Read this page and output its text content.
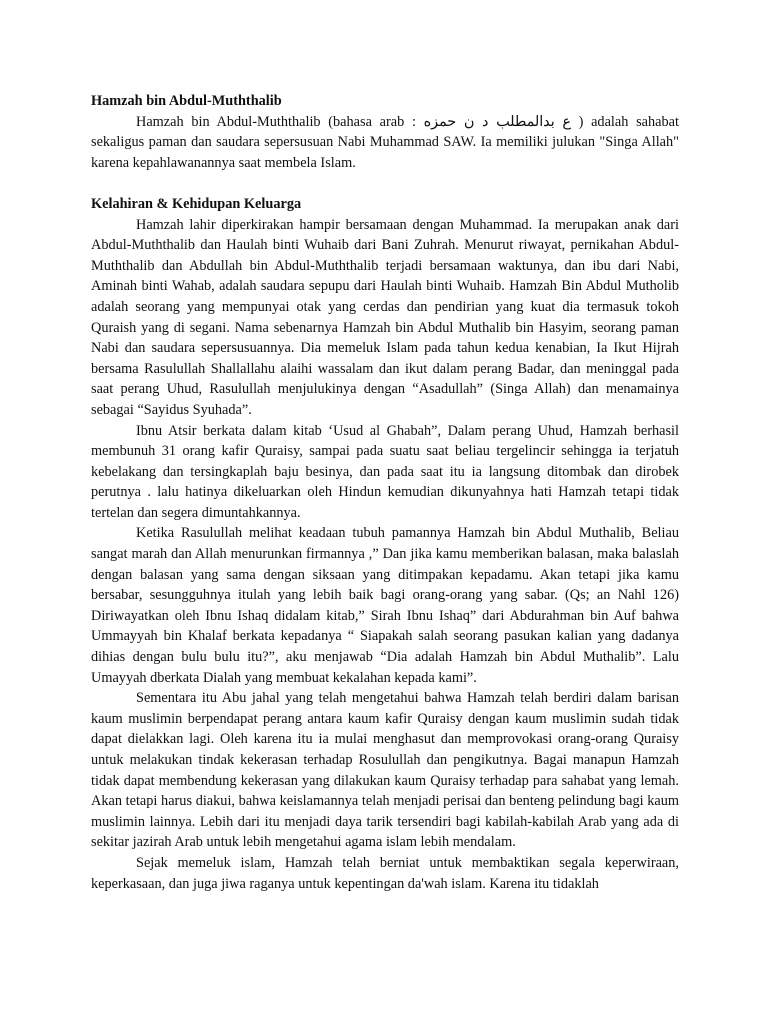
Hamzah bin Abdul-Muththalib

Hamzah bin Abdul-Muththalib (bahasa arab : ع بدالمطلب د ن حمزه ) adalah sahabat sekaligus paman dan saudara sepersusuan Nabi Muhammad SAW. Ia memiliki julukan "Singa Allah" karena kepahlawanannya saat membela Islam.

Kelahiran & Kehidupan Keluarga

Hamzah lahir diperkirakan hampir bersamaan dengan Muhammad. Ia merupakan anak dari Abdul-Muththalib dan Haulah binti Wuhaib dari Bani Zuhrah. Menurut riwayat, pernikahan Abdul-Muththalib dan Abdullah bin Abdul-Muththalib terjadi bersamaan waktunya, dan ibu dari Nabi, Aminah binti Wahab, adalah saudara sepupu dari Haulah binti Wuhaib. Hamzah Bin Abdul Mutholib adalah seorang yang mempunyai otak yang cerdas dan pendirian yang kuat dia termasuk tokoh Quraish yang di segani. Nama sebenarnya Hamzah bin Abdul Muthalib bin Hasyim, seorang paman Nabi dan saudara sepersusuannya. Dia memeluk Islam pada tahun kedua kenabian, Ia Ikut Hijrah bersama Rasulullah Shallallahu alaihi wassalam dan ikut dalam perang Badar, dan meninggal pada saat perang Uhud, Rasulullah menjulukinya dengan “Asadullah” (Singa Allah) dan menamainya sebagai “Sayidus Syuhada”.

Ibnu Atsir berkata dalam kitab ‘Usud al Ghabah”, Dalam perang Uhud, Hamzah berhasil membunuh 31 orang kafir Quraisy, sampai pada suatu saat beliau tergelincir sehingga ia terjatuh kebelakang dan tersingkaplah baju besinya, dan pada saat itu ia langsung ditombak dan dirobek perutnya . lalu hatinya dikeluarkan oleh Hindun kemudian dikunyahnya hati Hamzah tetapi tidak tertelan dan segera dimuntahkannya.

Ketika Rasulullah melihat keadaan tubuh pamannya Hamzah bin Abdul Muthalib, Beliau sangat marah dan Allah menurunkan firmannya ,” Dan jika kamu memberikan balasan, maka balaslah dengan balasan yang sama dengan siksaan yang ditimpakan kepadamu. Akan tetapi jika kamu bersabar, sesungguhnya itulah yang lebih baik bagi orang-orang yang sabar. (Qs; an Nahl 126) Diriwayatkan oleh Ibnu Ishaq didalam kitab,” Sirah Ibnu Ishaq” dari Abdurahman bin Auf bahwa Ummayyah bin Khalaf berkata kepadanya “ Siapakah salah seorang pasukan kalian yang dadanya dihias dengan bulu bulu itu?”, aku menjawab “Dia adalah Hamzah bin Abdul Muthalib”. Lalu Umayyah dberkata Dialah yang membuat kekalahan kepada kami”.

Sementara itu Abu jahal yang telah mengetahui bahwa Hamzah telah berdiri dalam barisan kaum muslimin berpendapat perang antara kaum kafir Quraisy dengan kaum muslimin sudah tidak dapat dielakkan lagi. Oleh karena itu ia mulai menghasut dan memprovokasi orang-orang Quraisy untuk melakukan tindak kekerasan terhadap Rosulullah dan pengikutnya. Bagai manapun Hamzah tidak dapat membendung kekerasan yang dilakukan kaum Quraisy terhadap para sahabat yang lemah. Akan tetapi harus diakui, bahwa keislamannya telah menjadi perisai dan benteng pelindung bagi kaum muslimin lainnya. Lebih dari itu menjadi daya tarik tersendiri bagi kabilah-kabilah Arab yang ada di sekitar jazirah Arab untuk lebih mengetahui agama islam lebih mendalam.

Sejak memeluk islam, Hamzah telah berniat untuk membaktikan segala keperwiraan, keperkasaan, dan juga jiwa raganya untuk kepentingan da'wah islam. Karena itu tidaklah
